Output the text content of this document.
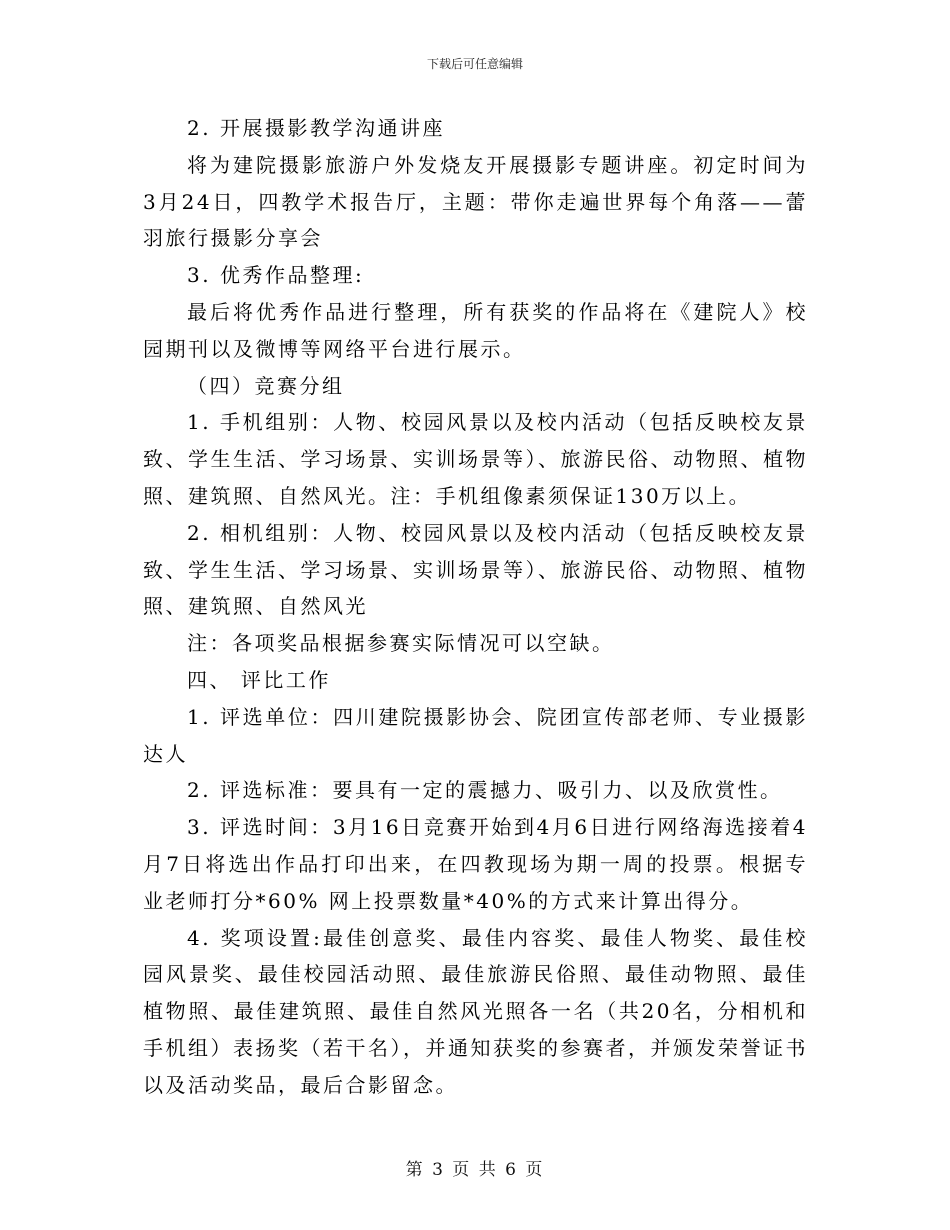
下载后可任意编辑

2. 开展摄影教学沟通讲座

将为建院摄影旅游户外发烧友开展摄影专题讲座。初定时间为3月24日，四教学术报告厅，主题：带你走遍世界每个角落——蕾羽旅行摄影分享会

3. 优秀作品整理:

最后将优秀作品进行整理，所有获奖的作品将在《建院人》校园期刊以及微博等网络平台进行展示。

（四）竞赛分组

1. 手机组别：人物、校园风景以及校内活动（包括反映校友景致、学生生活、学习场景、实训场景等）、旅游民俗、动物照、植物照、建筑照、自然风光。注：手机组像素须保证130万以上。

2. 相机组别：人物、校园风景以及校内活动（包括反映校友景致、学生生活、学习场景、实训场景等）、旅游民俗、动物照、植物照、建筑照、自然风光

注：各项奖品根据参赛实际情况可以空缺。

四、 评比工作

1. 评选单位：四川建院摄影协会、院团宣传部老师、专业摄影达人

2. 评选标准：要具有一定的震撼力、吸引力、以及欣赏性。

3. 评选时间：3月16日竞赛开始到4月6日进行网络海选接着4月7日将选出作品打印出来，在四教现场为期一周的投票。根据专业老师打分*60% 网上投票数量*40%的方式来计算出得分。

4. 奖项设置:最佳创意奖、最佳内容奖、最佳人物奖、最佳校园风景奖、最佳校园活动照、最佳旅游民俗照、最佳动物照、最佳植物照、最佳建筑照、最佳自然风光照各一名（共20名，分相机和手机组）表扬奖（若干名），并通知获奖的参赛者，并颁发荣誉证书以及活动奖品，最后合影留念。

第 3 页 共 6 页
